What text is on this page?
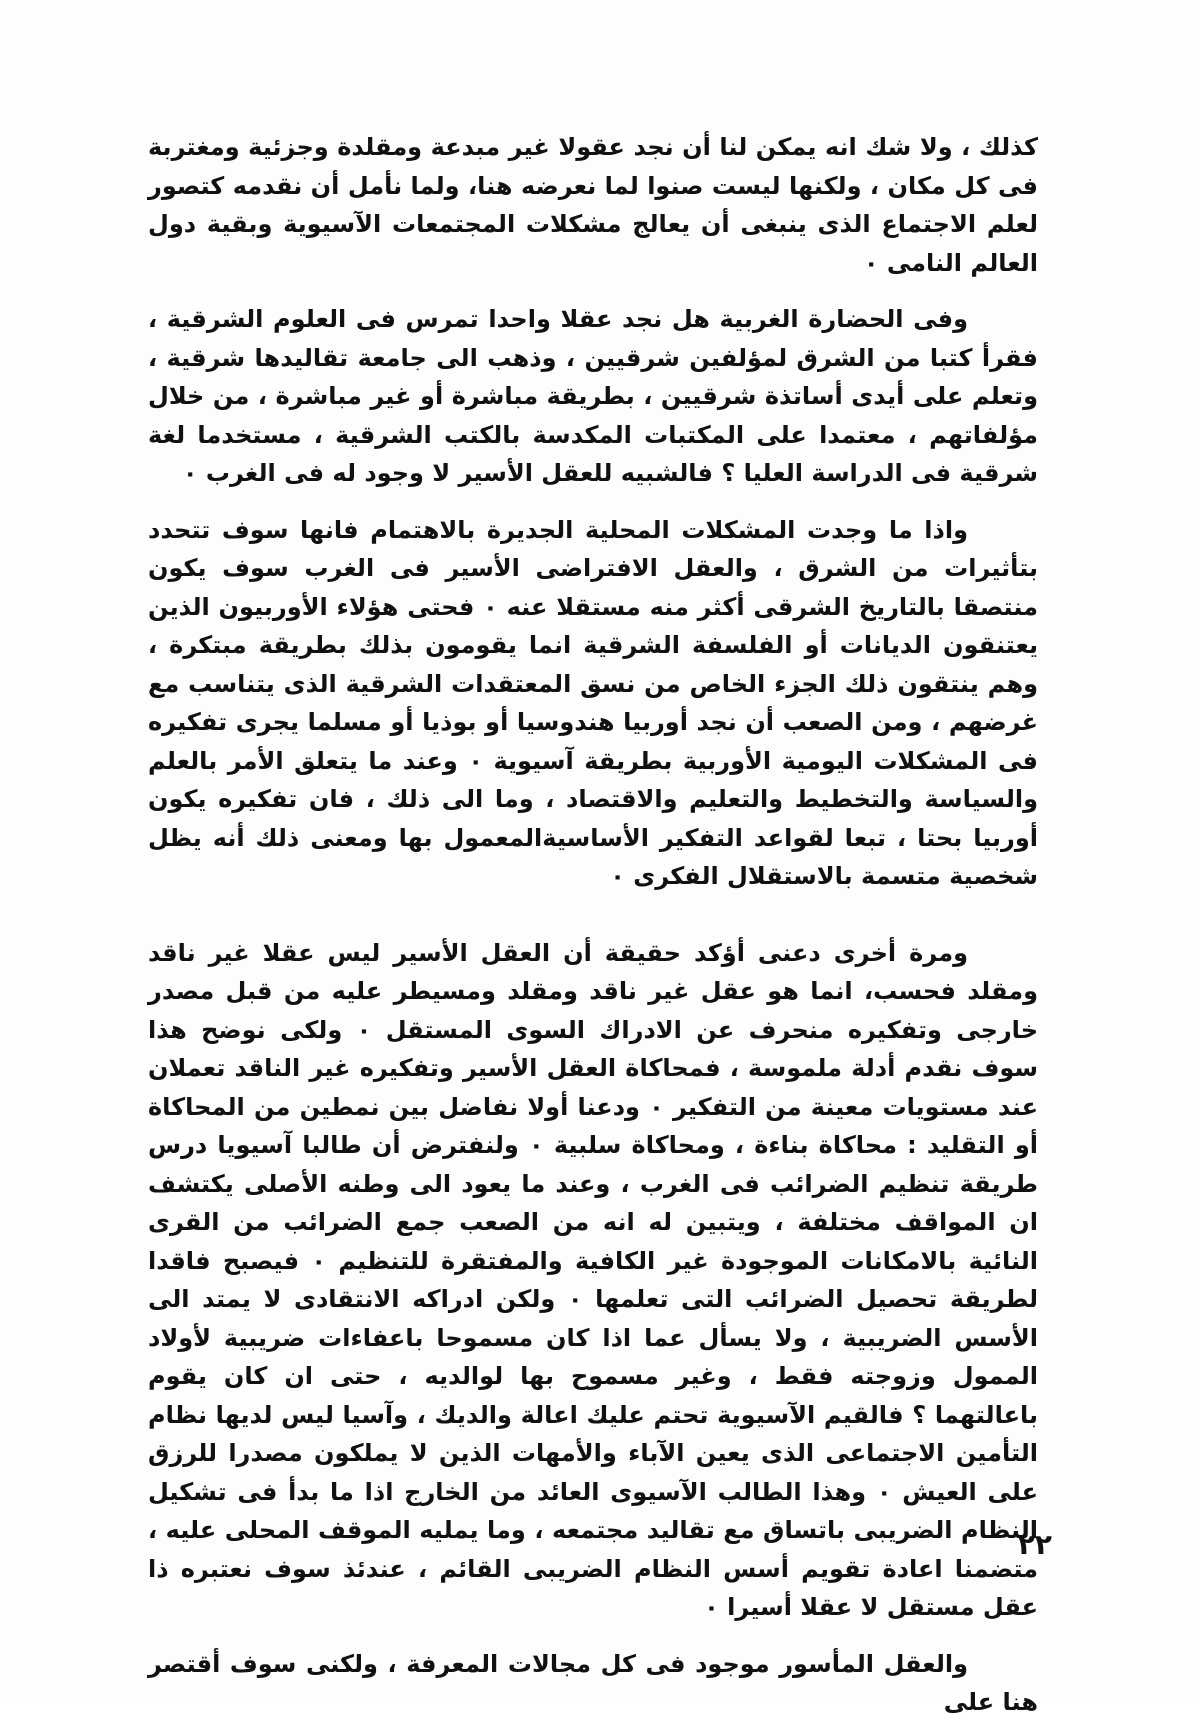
كذلك ، ولا شك انه يمكن لنا أن نجد عقولا غير مبدعة ومقلدة وجزئية ومغتربة فى كل مكان ، ولكنها ليست صنوا لما نعرضه هنا، ولما نأمل أن نقدمه كتصور لعلم الاجتماع الذى ينبغى أن يعالج مشكلات المجتمعات الآسيوية وبقية دول العالم النامى ٠

وفى الحضارة الغربية هل نجد عقلا واحدا تمرس فى العلوم الشرقية ، فقرأ كتبا من الشرق لمؤلفين شرقيين ، وذهب الى جامعة تقاليدها شرقية ، وتعلم على أيدى أساتذة شرقيين ، بطريقة مباشرة أو غير مباشرة ، من خلال مؤلفاتهم ، معتمدا على المكتبات المكدسة بالكتب الشرقية ، مستخدما لغة شرقية فى الدراسة العليا ؟ فالشبيه للعقل الأسير لا وجود له فى الغرب ٠

واذا ما وجدت المشكلات المحلية الجديرة بالاهتمام فانها سوف تتحدد بتأثيرات من الشرق ، والعقل الافتراضى الأسير فى الغرب سوف يكون منتصقا بالتاريخ الشرقى أكثر منه مستقلا عنه ٠ فحتى هؤلاء الأوربيون الذين يعتنقون الديانات أو الفلسفة الشرقية انما يقومون بذلك بطريقة مبتكرة ، وهم ينتقون ذلك الجزء الخاص من نسق المعتقدات الشرقية الذى يتناسب مع غرضهم ، ومن الصعب أن نجد أوربيا هندوسيا أو بوذيا أو مسلما يجرى تفكيره فى المشكلات اليومية الأوربية بطريقة آسيوية ٠ وعند ما يتعلق الأمر بالعلم والسياسة والتخطيط والتعليم والاقتصاد ، وما الى ذلك ، فان تفكيره يكون أوربيا بحتا ، تبعا لقواعد التفكير الأساسيةالمعمول بها ومعنى ذلك أنه يظل شخصية متسمة بالاستقلال الفكرى ٠

ومرة أخرى دعنى أؤكد حقيقة أن العقل الأسير ليس عقلا غير ناقد ومقلد فحسب، انما هو عقل غير ناقد ومقلد ومسيطر عليه من قبل مصدر خارجى وتفكيره منحرف عن الادراك السوى المستقل ٠ ولكى نوضح هذا سوف نقدم أدلة ملموسة ، فمحاكاة العقل الأسير وتفكيره غير الناقد تعملان عند مستويات معينة من التفكير ٠ ودعنا أولا نفاضل بين نمطين من المحاكاة أو التقليد : محاكاة بناءة ، ومحاكاة سلبية ٠ ولنفترض أن طالبا آسيويا درس طريقة تنظيم الضرائب فى الغرب ، وعند ما يعود الى وطنه الأصلى يكتشف ان المواقف مختلفة ، ويتبين له انه من الصعب جمع الضرائب من القرى النائية بالامكانات الموجودة غير الكافية والمفتقرة للتنظيم ٠ فيصبح فاقدا لطريقة تحصيل الضرائب التى تعلمها ٠ ولكن ادراكه الانتقادى لا يمتد الى الأسس الضريبية ، ولا يسأل عما اذا كان مسموحا باعفاءات ضريبية لأولاد الممول وزوجته فقط ، وغير مسموح بها لوالديه ، حتى ان كان يقوم باعالتهما ؟ فالقيم الآسيوية تحتم عليك اعالة والديك ، وآسيا ليس لديها نظام التأمين الاجتماعى الذى يعين الآباء والأمهات الذين لا يملكون مصدرا للرزق على العيش ٠ وهذا الطالب الآسيوى العائد من الخارج اذا ما بدأ فى تشكيل النظام الضريبى باتساق مع تقاليد مجتمعه ، وما يمليه الموقف المحلى عليه ، متضمنا اعادة تقويم أسس النظام الضريبى القائم ، عندئذ سوف نعتبره ذا عقل مستقل لا عقلا أسيرا ٠

والعقل المأسور موجود فى كل مجالات المعرفة ، ولكنى سوف أقتصر هنا على

٢٢
